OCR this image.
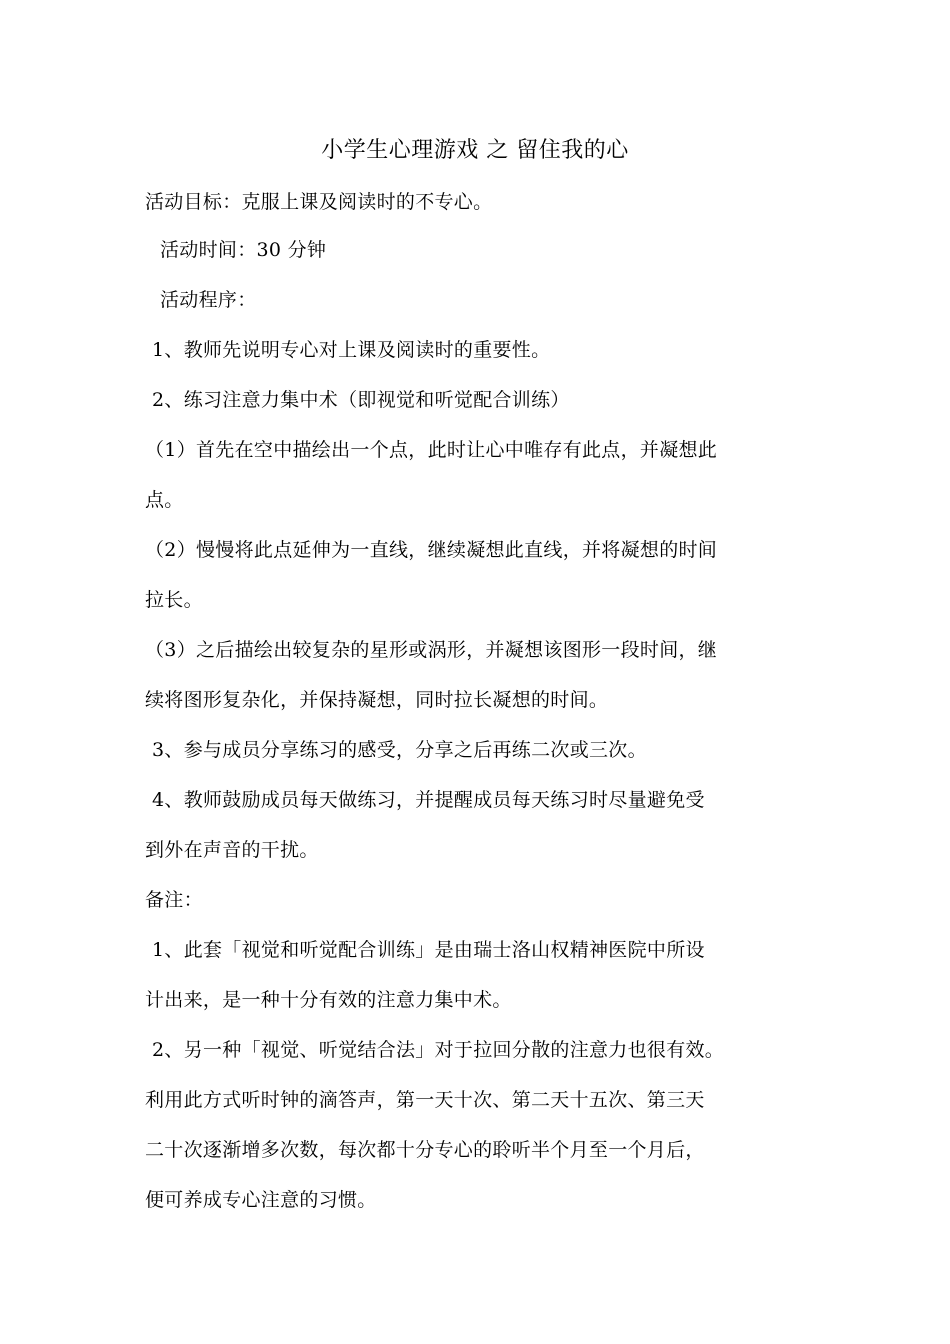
小学生心理游戏 之 留住我的心
活动目标：克服上课及阅读时的不专心。
活动时间：30 分钟
活动程序：
1、教师先说明专心对上课及阅读时的重要性。
2、练习注意力集中术（即视觉和听觉配合训练）
（1）首先在空中描绘出一个点，此时让心中唯存有此点，并凝想此
点。
（2）慢慢将此点延伸为一直线，继续凝想此直线，并将凝想的时间
拉长。
（3）之后描绘出较复杂的星形或涡形，并凝想该图形一段时间，继
续将图形复杂化，并保持凝想，同时拉长凝想的时间。
3、参与成员分享练习的感受，分享之后再练二次或三次。
4、教师鼓励成员每天做练习，并提醒成员每天练习时尽量避免受
到外在声音的干扰。
备注：
1、此套「视觉和听觉配合训练」是由瑞士洛山权精神医院中所设
计出来，是一种十分有效的注意力集中术。
2、另一种「视觉、听觉结合法」对于拉回分散的注意力也很有效。
利用此方式听时钟的滴答声，第一天十次、第二天十五次、第三天
二十次逐渐增多次数，每次都十分专心的聆听半个月至一个月后，
便可养成专心注意的习惯。
